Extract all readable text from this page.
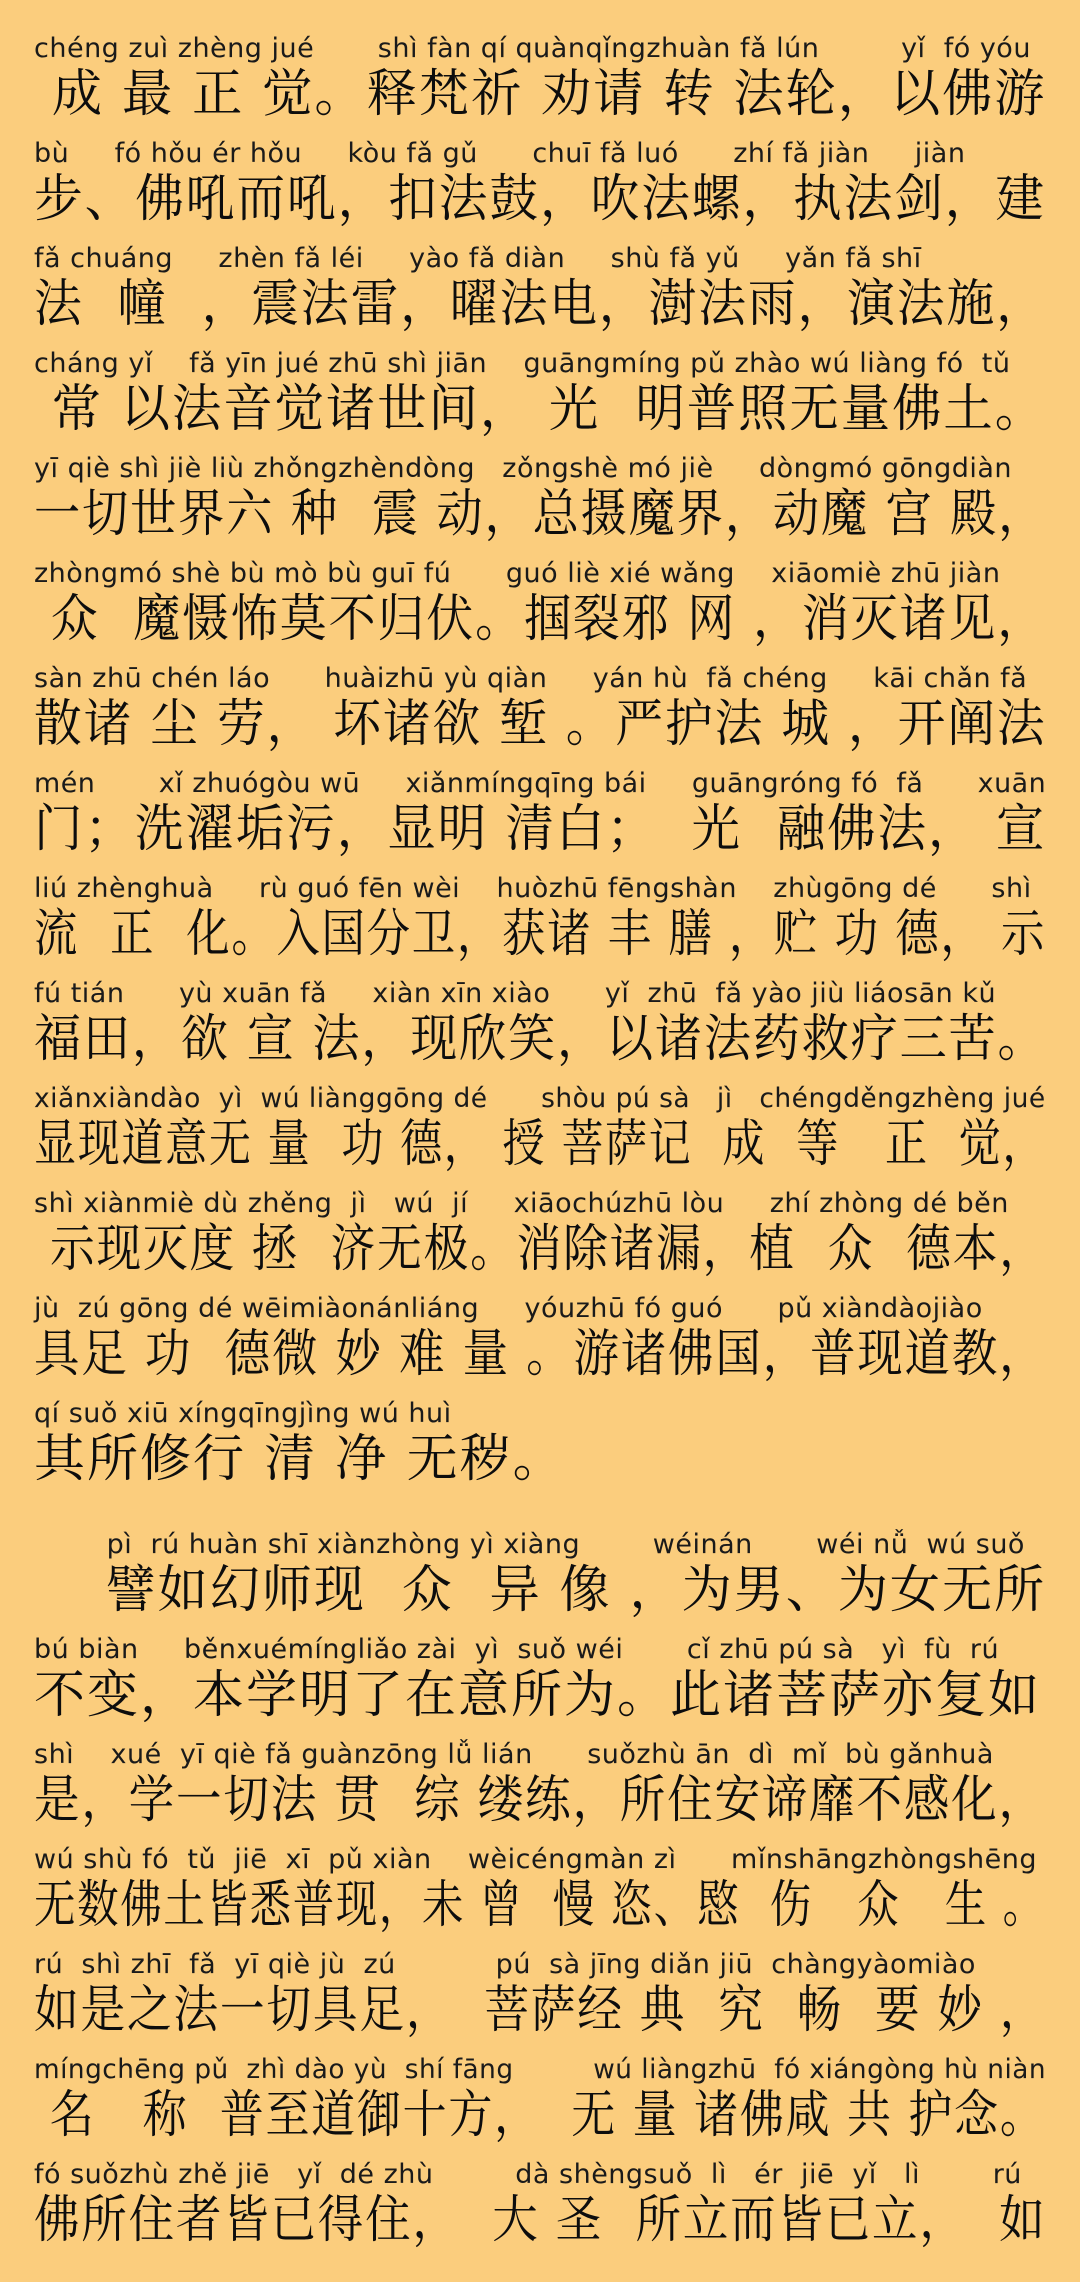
chéng zuì zhèng jué       shì fàn qí quànqǐngzhuàn fǎ lún         yǐ  fó yóu
成 最 正 觉。释梵祈 劝请 转 法轮，以佛游
bù     fó hǒu ér hǒu     kòu fǎ gǔ      chuī fǎ luó      zhí fǎ jiàn     jiàn
步、佛吼而吼，扣法鼓，吹法螺，执法剑，建
fǎ chuáng     zhèn fǎ léi     yào fǎ diàn     shù fǎ yǔ     yǎn fǎ shī
法  幢  ，震法雷，曜法电，澍法雨，演法施，
cháng yǐ    fǎ yīn jué zhū shì jiān    guāngmíng pǔ zhào wú liàng fó  tǔ
常 以法音觉诸世间， 光  明普照无量佛土。
yī qiè shì jiè liù zhǒngzhèndòng   zǒngshè mó jiè     dòngmó gōngdiàn
一切世界六 种  震 动，总摄魔界，动魔 宫 殿，
zhòngmó shè bù mò bù guī fú      guó liè xié wǎng    xiāomiè zhū jiàn
众  魔慑怖莫不归伏。掴裂邪 网 ，消灭诸见，
sàn zhū chén láo      huàizhū yù qiàn     yán hù  fǎ chéng     kāi chǎn fǎ
散诸 尘 劳， 坏诸欲 堑 。严护法 城 ，开阐法
mén       xǐ zhuógòu wū     xiǎnmíngqīng bái     guāngróng fó  fǎ      xuān
门；洗濯垢污，显明 清白；  光  融佛法， 宣
liú zhènghuà     rù guó fēn wèi    huòzhū fēngshàn    zhùgōng dé      shì
流  正  化。入国分卫，获诸 丰 膳 ，贮 功 德， 示
fú tián      yù xuān fǎ     xiàn xīn xiào      yǐ  zhū  fǎ yào jiù liáosān kǔ
福田，欲 宣 法，现欣笑，以诸法药救疗三苦。
xiǎnxiàndào  yì  wú liànggōng dé      shòu pú sà   jì   chéngděngzhèng jué
显现道意无 量  功 德， 授 菩萨记  成  等   正  觉，
shì xiànmiè dù zhěng  jì   wú  jí     xiāochúzhū lòu     zhí zhòng dé běn
示现灭度 拯  济无极。消除诸漏，植  众  德本，
jù  zú gōng dé wēimiàonánliáng     yóuzhū fó guó      pǔ xiàndàojiào
具足 功  德微 妙 难 量 。游诸佛国，普现道教，
qí suǒ xiū xíngqīngjìng wú huì
其所修行 清 净 无秽。
pì  rú huàn shī xiànzhòng yì xiàng        wéinán       wéi nǚ  wú suǒ
譬如幻师现  众  异 像 ，为男、为女无所
bú biàn     běnxuémíngliǎo zài  yì  suǒ wéi       cǐ zhū pú sà   yì  fù  rú
不变，本学明了在意所为。此诸菩萨亦复如
shì    xué  yī qiè fǎ guànzōng lǚ lián      suǒzhù ān  dì  mǐ  bù gǎnhuà
是，学一切法 贯  综 缕练，所住安谛靡不感化，
wú shù fó  tǔ  jiē  xī  pǔ xiàn    wèicéngmàn zì      mǐnshāngzhòngshēng
无数佛土皆悉普现，未 曾  慢 恣、愍  伤   众   生 。
rú  shì zhī  fǎ  yī qiè jù  zú           pú  sà jīng diǎn jiū  chàngyàomiào
如是之法一切具足，  菩萨经 典  究  畅  要 妙 ，
míngchēng pǔ  zhì dào yù  shí fāng         wú liàngzhū  fó xiángòng hù niàn
名   称  普至道御十方，  无 量 诸佛咸 共 护念。
fó suǒzhù zhě jiē   yǐ  dé zhù         dà shèngsuǒ  lì   ér  jiē  yǐ   lì        rú
佛所住者皆已得住，  大 圣  所立而皆已立，  如
